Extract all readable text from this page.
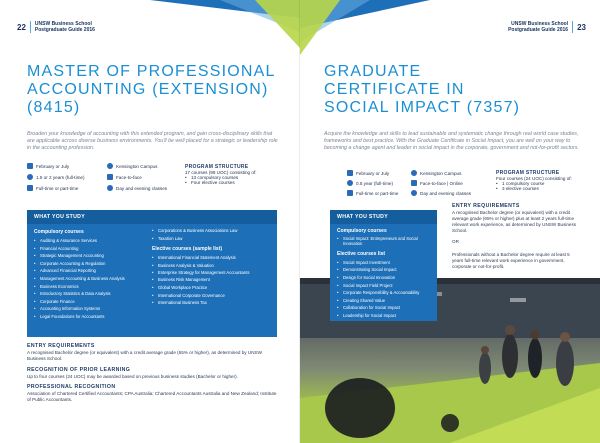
22 UNSW Business School
Postgraduate Guide 2016
MASTER OF PROFESSIONAL
ACCOUNTING (EXTENSION)
(8415)
Broaden your knowledge of accounting with this extended program, and gain cross-disciplinary skills that are applicable across diverse business environments. You'll be well placed for a strategic or leadership role in the accounting profession.
February or July
1.5 or 2 years (full-time)
Full-time or part-time
Kensington Campus
Face-to-face
Day and evening classes
PROGRAM STRUCTURE
17 courses (98 UOC) consisting of:
• 13 compulsory courses
• Four elective courses
WHAT YOU STUDY
Compulsory courses
• Auditing & Assurance Services
• Financial Accounting
• Strategic Management Accounting
• Corporate Accounting & Regulation
• Advanced Financial Reporting
• Management Accounting & Business Analysis
• Business Economics
• Introductory Statistics & Data Analysis
• Corporate Finance
• Accounting Information Systems
• Legal Foundations for Accountants
• Corporations & Business Associations Law
• Taxation Law
Elective courses (sample list)
• International Financial Statement Analysis
• Business Analysis & Valuation
• Enterprise Strategy for Management Accountants
• Business Risk Management
• Global Workplace Practice
• International Corporate Governance
• International Business Tax
ENTRY REQUIREMENTS
A recognised Bachelor degree (or equivalent) with a credit average grade (65% or higher), as determined by UNSW Business School.
RECOGNITION OF PRIOR LEARNING
Up to four courses (24 UOC) may be awarded based on previous business studies (Bachelor or higher).
PROFESSIONAL RECOGNITION
Association of Chartered Certified Accountants; CPA Australia; Chartered Accountants Australia and New Zealand; Institute of Public Accountants.
UNSW Business School
Postgraduate Guide 2016 23
GRADUATE
CERTIFICATE IN
SOCIAL IMPACT (7357)
Acquire the knowledge and skills to lead sustainable and systematic change through real world case studies, frameworks and best practice. With the Graduate Certificate in Social Impact, you are well on your way to becoming a change agent and leader in social impact in the corporate, government and not-for-profit sectors.
February or July
0.5 year (full-time)
Full-time or part-time
Kensington Campus
Face-to-face | Online
Day and evening classes
PROGRAM STRUCTURE
Four courses (24 UOC) consisting of:
• 1 compulsory course
• 3 elective courses
WHAT YOU STUDY
Compulsory courses
• Social Impact: Entrepreneurs and Social Innovation
Elective courses list
• Social Impact Investment
• Demonstrating Social Impact
• Design for Social Innovation
• Social Impact Field Project
• Corporate Responsibility & Accountability
• Creating Shared Value
• Collaboration for Social Impact
• Leadership for Social Impact
ENTRY REQUIREMENTS
A recognised Bachelor degree (or equivalent) with a credit average grade (65% or higher) plus at least 2 years full-time relevant work experience, as determined by UNSW Business School.
OR
Professionals without a Bachelor degree require at least 5 years full-time relevant work experience in government, corporate or not-for-profit.
